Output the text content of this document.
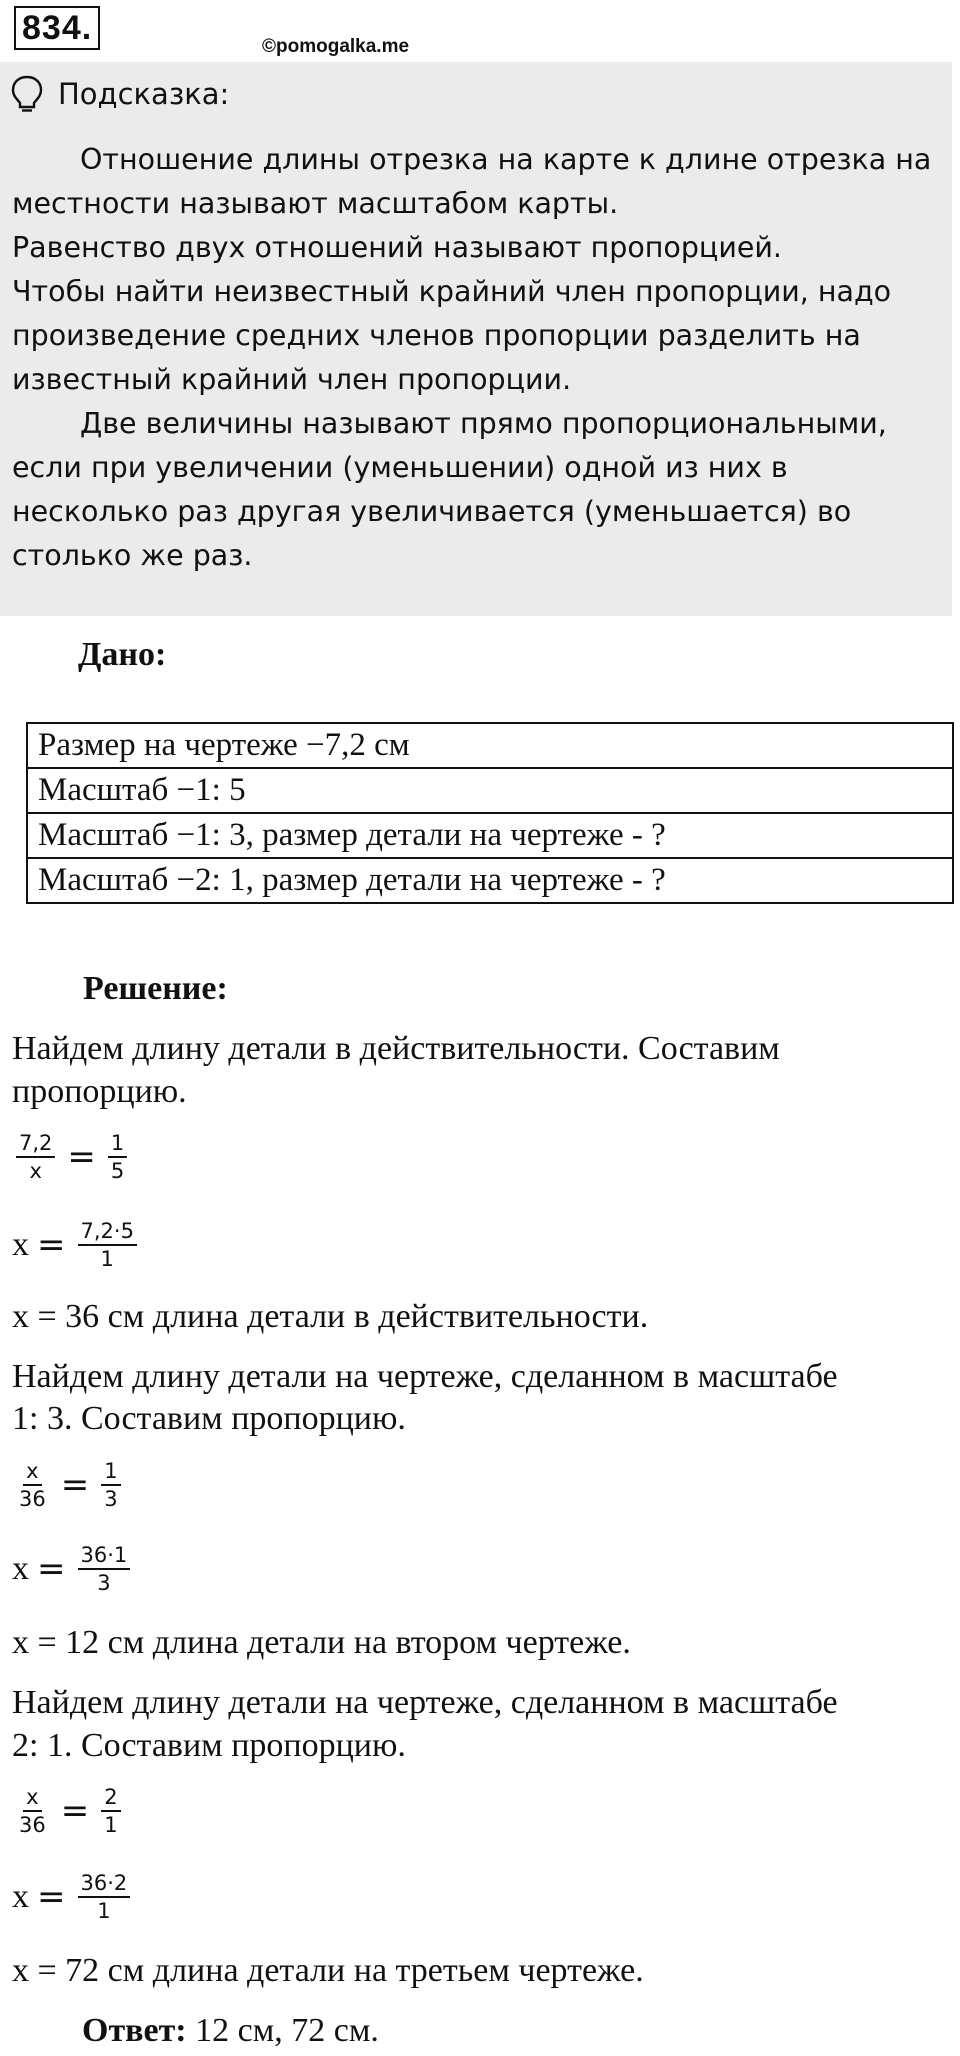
834.	©pomogalka.me
Подсказка:

Отношение длины отрезка на карте к длине отрезка на местности называют масштабом карты.

Равенство двух отношений называют пропорцией.

Чтобы найти неизвестный крайний член пропорции, надо произведение средних членов пропорции разделить на известный крайний член пропорции.

Две величины называют прямо пропорциональными, если при увеличении (уменьшении) одной из них в несколько раз другая увеличивается (уменьшается) во столько же раз.

Дано:
Размер на чертеже −7,2 см
Масштаб −1: 5
Масштаб −1: 3, размер детали на чертеже - ?
Масштаб −2: 1, размер детали на чертеже - ?
Решение:
Найдем длину детали в действительности. Составим
пропорцию.
$\frac{7,2}{x} = \frac{1}{5}$
$x = \frac{7,2\cdot 5}{1}$
x = 36 см длина детали в действительности.
Найдем длину детали на чертеже, сделанном в масштабе
1: 3. Составим пропорцию.
$\frac{x}{36} = \frac{1}{3}$
$x = \frac{36\cdot 1}{3}$
x = 12 см длина детали на втором чертеже.
Найдем длину детали на чертеже, сделанном в масштабе
2: 1. Составим пропорцию.
$\frac{x}{36} = \frac{2}{1}$
$x = \frac{36\cdot 2}{1}$
x = 72 см длина детали на третьем чертеже.
Ответ: 12 см, 72 см.
